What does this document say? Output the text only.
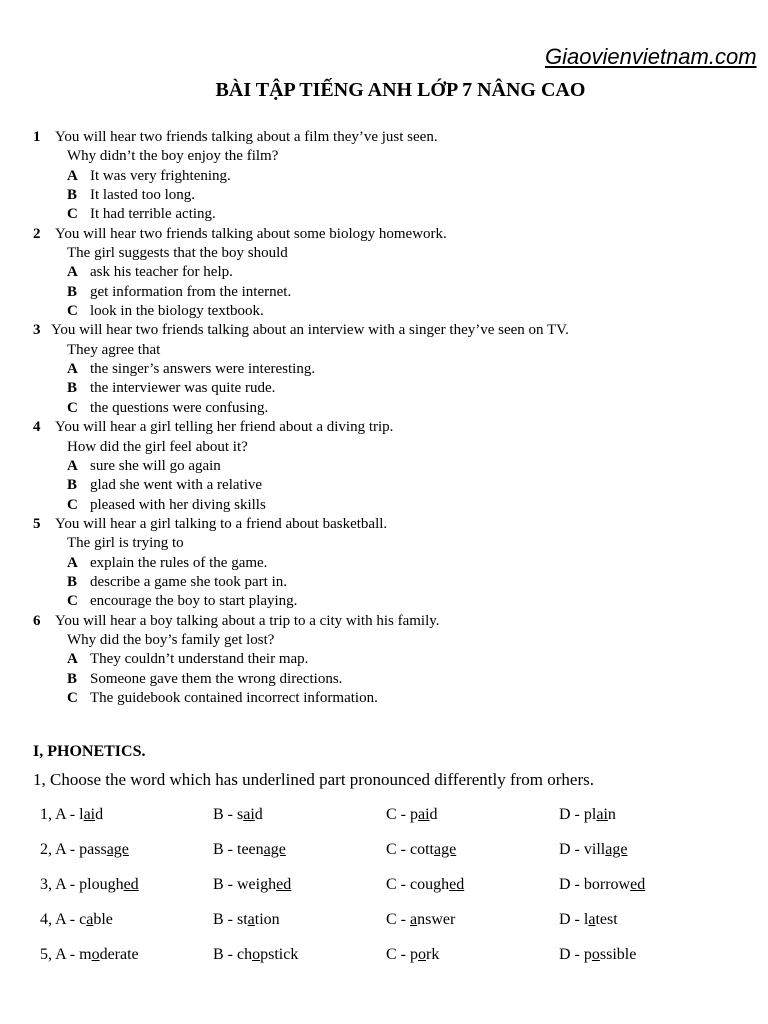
Giaovienvietnam.com
BÀI TẬP TIẾNG ANH LỚP 7 NÂNG CAO
1 You will hear two friends talking about a film they’ve just seen.
Why didn’t the boy enjoy the film?
A It was very frightening.
B It lasted too long.
C It had terrible acting.
2 You will hear two friends talking about some biology homework.
The girl suggests that the boy should
A ask his teacher for help.
B get information from the internet.
C look in the biology textbook.
3 You will hear two friends talking about an interview with a singer they’ve seen on TV.
They agree that
A the singer’s answers were interesting.
B the interviewer was quite rude.
C the questions were confusing.
4 You will hear a girl telling her friend about a diving trip.
How did the girl feel about it?
A sure she will go again
B glad she went with a relative
C pleased with her diving skills
5 You will hear a girl talking to a friend about basketball.
The girl is trying to
A explain the rules of the game.
B describe a game she took part in.
C encourage the boy to start playing.
6 You will hear a boy talking about a trip to a city with his family.
Why did the boy’s family get lost?
A They couldn’t understand their map.
B Someone gave them the wrong directions.
C The guidebook contained incorrect information.
I, PHONETICS.
1, Choose the word which has underlined part pronounced differently from orhers.
1, A - laid	B - said	C - paid	D - plain
2, A - passage	B - teenage	C - cottage	D - village
3, A - ploughed	B - weighed	C - coughed	D - borrowed
4, A - cable	B - station	C - answer	D - latest
5, A - moderate	B - chopstick	C - pork	D - possible
